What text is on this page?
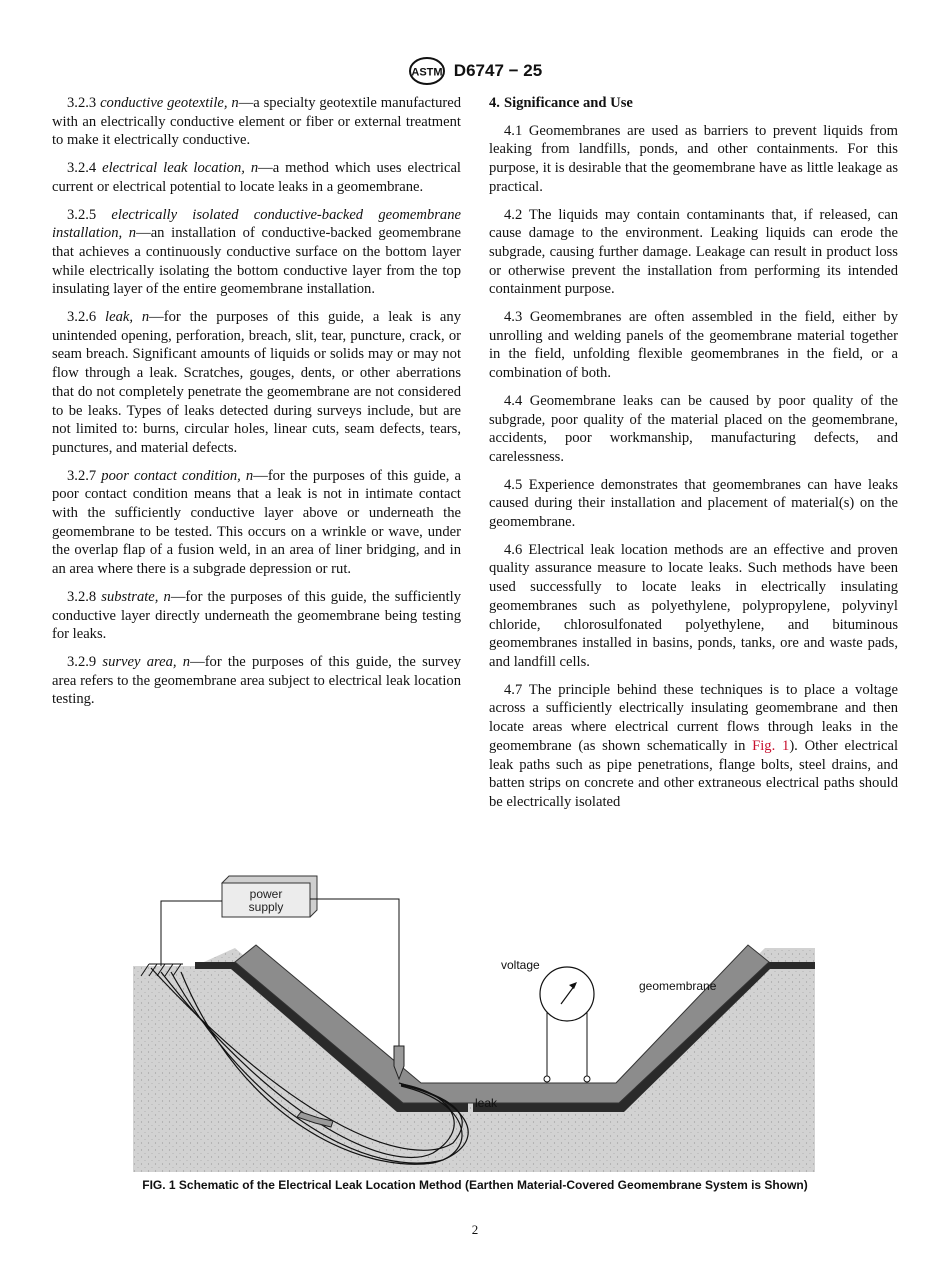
ASTM D6747 − 25

3.2.3 conductive geotextile, n—a specialty geotextile manufactured with an electrically conductive element or fiber or external treatment to make it electrically conductive.

3.2.4 electrical leak location, n—a method which uses electrical current or electrical potential to locate leaks in a geomembrane.

3.2.5 electrically isolated conductive-backed geomembrane installation, n—an installation of conductive-backed geomembrane that achieves a continuously conductive surface on the bottom layer while electrically isolating the bottom conductive layer from the top insulating layer of the entire geomembrane installation.

3.2.6 leak, n—for the purposes of this guide, a leak is any unintended opening, perforation, breach, slit, tear, puncture, crack, or seam breach. Significant amounts of liquids or solids may or may not flow through a leak. Scratches, gouges, dents, or other aberrations that do not completely penetrate the geomembrane are not considered to be leaks. Types of leaks detected during surveys include, but are not limited to: burns, circular holes, linear cuts, seam defects, tears, punctures, and material defects.

3.2.7 poor contact condition, n—for the purposes of this guide, a poor contact condition means that a leak is not in intimate contact with the sufficiently conductive layer above or underneath the geomembrane to be tested. This occurs on a wrinkle or wave, under the overlap flap of a fusion weld, in an area of liner bridging, and in an area where there is a subgrade depression or rut.

3.2.8 substrate, n—for the purposes of this guide, the sufficiently conductive layer directly underneath the geomembrane being testing for leaks.

3.2.9 survey area, n—for the purposes of this guide, the survey area refers to the geomembrane area subject to electrical leak location testing.

4. Significance and Use

4.1 Geomembranes are used as barriers to prevent liquids from leaking from landfills, ponds, and other containments. For this purpose, it is desirable that the geomembrane have as little leakage as practical.

4.2 The liquids may contain contaminants that, if released, can cause damage to the environment. Leaking liquids can erode the subgrade, causing further damage. Leakage can result in product loss or otherwise prevent the installation from performing its intended containment purpose.

4.3 Geomembranes are often assembled in the field, either by unrolling and welding panels of the geomembrane material together in the field, unfolding flexible geomembranes in the field, or a combination of both.

4.4 Geomembrane leaks can be caused by poor quality of the subgrade, poor quality of the material placed on the geomembrane, accidents, poor workmanship, manufacturing defects, and carelessness.

4.5 Experience demonstrates that geomembranes can have leaks caused during their installation and placement of material(s) on the geomembrane.

4.6 Electrical leak location methods are an effective and proven quality assurance measure to locate leaks. Such methods have been used successfully to locate leaks in electrically insulating geomembranes such as polyethylene, polypropylene, polyvinyl chloride, chlorosulfonated polyethylene, and bituminous geomembranes installed in basins, ponds, tanks, ore and waste pads, and landfill cells.

4.7 The principle behind these techniques is to place a voltage across a sufficiently electrically insulating geomembrane and then locate areas where electrical current flows through leaks in the geomembrane (as shown schematically in Fig. 1). Other electrical leak paths such as pipe penetrations, flange bolts, steel drains, and batten strips on concrete and other extraneous electrical paths should be electrically isolated

power
supply
leak
voltage
geomembrane
FIG. 1 Schematic of the Electrical Leak Location Method (Earthen Material-Covered Geomembrane System is Shown)
2
